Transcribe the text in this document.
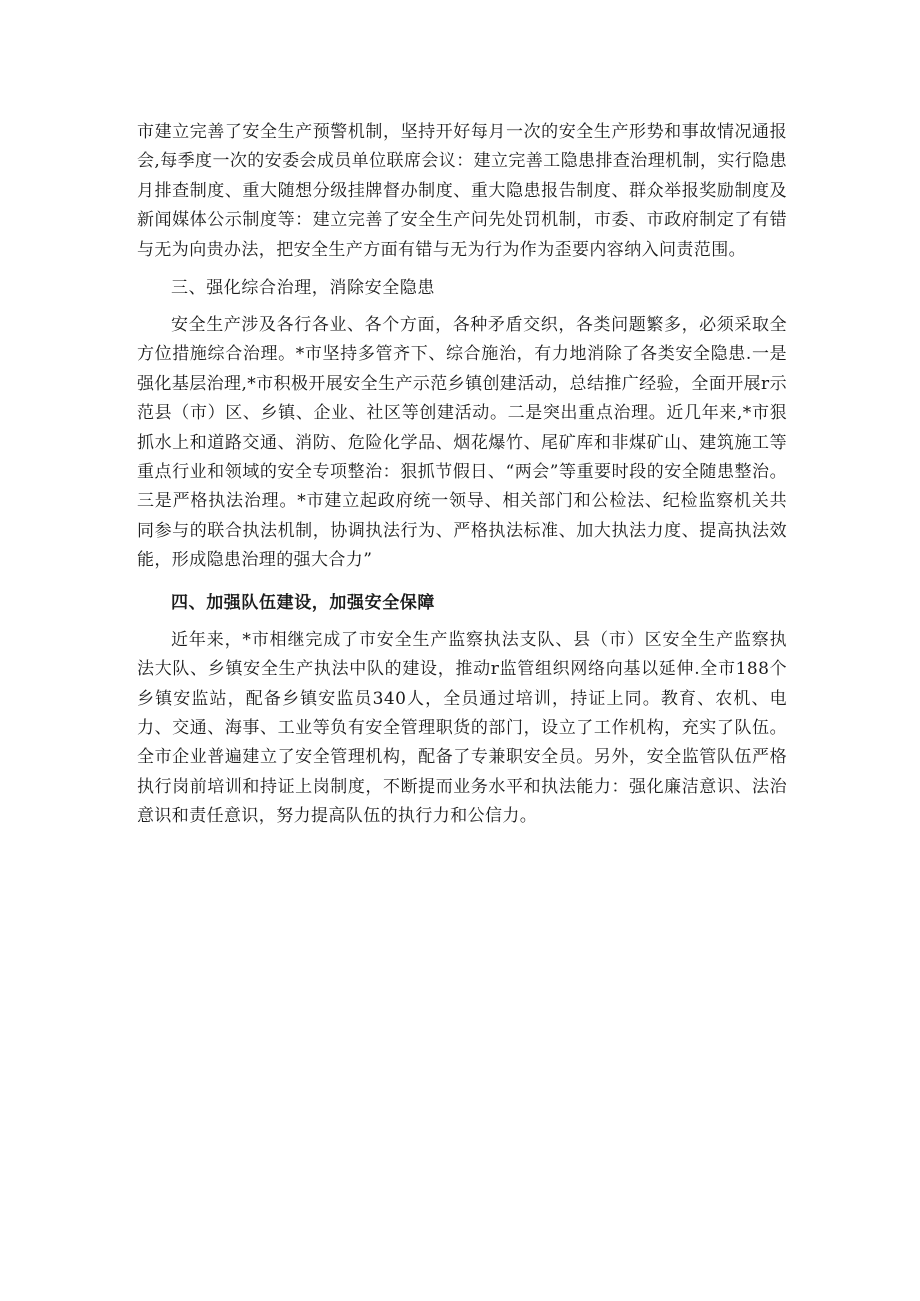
市建立完善了安全生产预警机制，坚持开好每月一次的安全生产形势和事故情况通报会,每季度一次的安委会成员单位联席会议：建立完善工隐患排查治理机制，实行隐患月排查制度、重大随想分级挂牌督办制度、重大隐患报告制度、群众举报奖励制度及新闻媒体公示制度等：建立完善了安全生产问先处罚机制，市委、市政府制定了有错与无为向贵办法，把安全生产方面有错与无为行为作为歪要内容纳入问责范围。

三、强化综合治理，消除安全隐患

安全生产涉及各行各业、各个方面，各种矛盾交织，各类问题繁多，必须采取全方位措施综合治理。*市坚持多管齐下、综合施治，有力地消除了各类安全隐患.一是强化基层治理,*市积极开展安全生产示范乡镇创建活动，总结推广经验，全面开展r示范县（市）区、乡镇、企业、社区等创建活动。二是突出重点治理。近几年来,*市狠抓水上和道路交通、消防、危险化学品、烟花爆竹、尾矿库和非煤矿山、建筑施工等重点行业和领域的安全专项整治：狠抓节假日、“两会”等重要时段的安全随患整治。三是严格执法治理。*市建立起政府统一领导、相关部门和公检法、纪检监察机关共同参与的联合执法机制，协调执法行为、严格执法标准、加大执法力度、提高执法效能，形成隐患治理的强大合力”

四、加强队伍建设，加强安全保障

近年来，*市相继完成了市安全生产监察执法支队、县（市）区安全生产监察执法大队、乡镇安全生产执法中队的建设，推动r监管组织网络向基以延伸.全市188个乡镇安监站，配备乡镇安监员340人，全员通过培训，持证上同。教育、农机、电力、交通、海事、工业等负有安全管理职货的部门，设立了工作机构，充实了队伍。全市企业普遍建立了安全管理机构，配备了专兼职安全员。另外，安全监管队伍严格执行岗前培训和持证上岗制度，不断提而业务水平和执法能力：强化廉洁意识、法治意识和责任意识，努力提高队伍的执行力和公信力。
